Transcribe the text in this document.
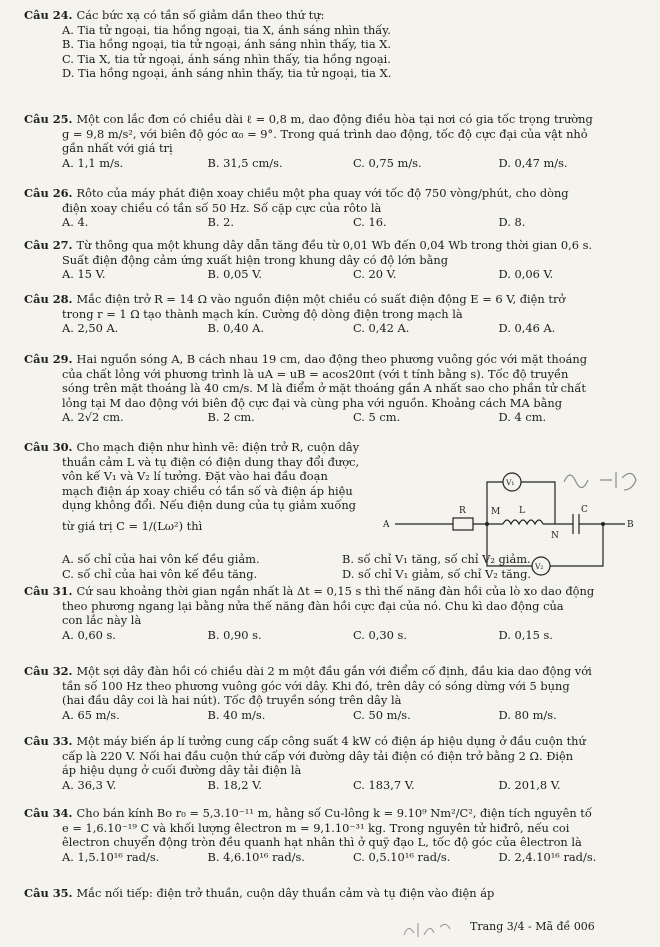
Câu 24. Các bức xạ có tần số giảm dần theo thứ tự:

A. Tia tử ngoại, tia hồng ngoại, tia X, ánh sáng nhìn thấy.

B. Tia hồng ngoại, tia tử ngoại, ánh sáng nhìn thấy, tia X.

C. Tia X, tia tử ngoại, ánh sáng nhìn thấy, tia hồng ngoại.

D. Tia hồng ngoại, ánh sáng nhìn thấy, tia tử ngoại, tia X.

Câu 25. Một con lắc đơn có chiều dài ℓ = 0,8 m, dao động điều hòa tại nơi có gia tốc trọng trường

g = 9,8 m/s², với biên độ góc α₀ = 9°. Trong quá trình dao động, tốc độ cực đại của vật nhỏ

gần nhất với giá trị

A. 1,1 m/s.	B. 31,5 cm/s.	C. 0,75 m/s.	D. 0,47 m/s.

Câu 26. Rôto của máy phát điện xoay chiều một pha quay với tốc độ 750 vòng/phút, cho dòng

điện xoay chiều có tần số 50 Hz. Số cặp cực của rôto là

A. 4.	B. 2.	C. 16.	D. 8.

Câu 27. Từ thông qua một khung dây dẫn tăng đều từ 0,01 Wb đến 0,04 Wb trong thời gian 0,6 s.

Suất điện động cảm ứng xuất hiện trong khung dây có độ lớn bằng

A. 15 V.	B. 0,05 V.	C. 20 V.	D. 0,06 V.

Câu 28. Mắc điện trở R = 14 Ω vào nguồn điện một chiều có suất điện động E = 6 V, điện trở

trong r = 1 Ω tạo thành mạch kín. Cường độ dòng điện trong mạch là

A. 2,50 A.	B. 0,40 A.	C. 0,42 A.	D. 0,46 A.

Câu 29. Hai nguồn sóng A, B cách nhau 19 cm, dao động theo phương vuông góc với mặt thoáng

của chất lỏng với phương trình là uA = uB = acos20πt (với t tính bằng s). Tốc độ truyền

sóng trên mặt thoáng là 40 cm/s. M là điểm ở mặt thoáng gần A nhất sao cho phần tử chất

lỏng tại M dao động với biên độ cực đại và cùng pha với nguồn. Khoảng cách MA bằng

A. 2√2 cm.	B. 2 cm.	C. 5 cm.	D. 4 cm.

Câu 30. Cho mạch điện như hình vẽ: điện trở R, cuộn dây

thuần cảm L và tụ điện có điện dung thay đổi được,

vôn kế V₁ và V₂ lí tưởng. Đặt vào hai đầu đoạn

mạch điện áp xoay chiều có tần số và điện áp hiệu

dụng không đổi. Nếu điện dung của tụ giảm xuống

từ giá trị C = 1/(Lω²) thì

A. số chỉ của hai vôn kế đều giảm.	B. số chỉ V₁ tăng, số chỉ V₂ giảm.
C. số chỉ của hai vôn kế đều tăng.	D. số chỉ V₁ giảm, số chỉ V₂ tăng.
A	B
R	M L	C
N
V₁
V₂

Câu 31. Cứ sau khoảng thời gian ngắn nhất là Δt = 0,15 s thì thế năng đàn hồi của lò xo dao động

theo phương ngang lại bằng nửa thế năng đàn hồi cực đại của nó. Chu kì dao động của

con lắc này là

A. 0,60 s.	B. 0,90 s.	C. 0,30 s.	D. 0,15 s.

Câu 32. Một sợi dây đàn hồi có chiều dài 2 m một đầu gắn với điểm cố định, đầu kia dao động với

tần số 100 Hz theo phương vuông góc với dây. Khi đó, trên dây có sóng dừng với 5 bụng

(hai đầu dây coi là hai nút). Tốc độ truyền sóng trên dây là

A. 65 m/s.	B. 40 m/s.	C. 50 m/s.	D. 80 m/s.

Câu 33. Một máy biến áp lí tưởng cung cấp công suất 4 kW có điện áp hiệu dụng ở đầu cuộn thứ

cấp là 220 V. Nối hai đầu cuộn thứ cấp với đường dây tải điện có điện trở bằng 2 Ω. Điện

áp hiệu dụng ở cuối đường dây tải điện là

A. 36,3 V.	B. 18,2 V.	C. 183,7 V.	D. 201,8 V.

Câu 34. Cho bán kính Bo r₀ = 5,3.10⁻¹¹ m, hằng số Cu-lông k = 9.10⁹ Nm²/C², điện tích nguyên tố

e = 1,6.10⁻¹⁹ C và khối lượng êlectron m = 9,1.10⁻³¹ kg. Trong nguyên tử hiđrô, nếu coi

êlectron chuyển động tròn đều quanh hạt nhân thì ở quỹ đạo L, tốc độ góc của êlectron là

A. 1,5.10¹⁶ rad/s.	B. 4,6.10¹⁶ rad/s.	C. 0,5.10¹⁶ rad/s.	D. 2,4.10¹⁶ rad/s.

Câu 35. Mắc nối tiếp: điện trở thuần, cuộn dây thuần cảm và tụ điện vào điện áp

Trang 3/4 - Mã đề 006
